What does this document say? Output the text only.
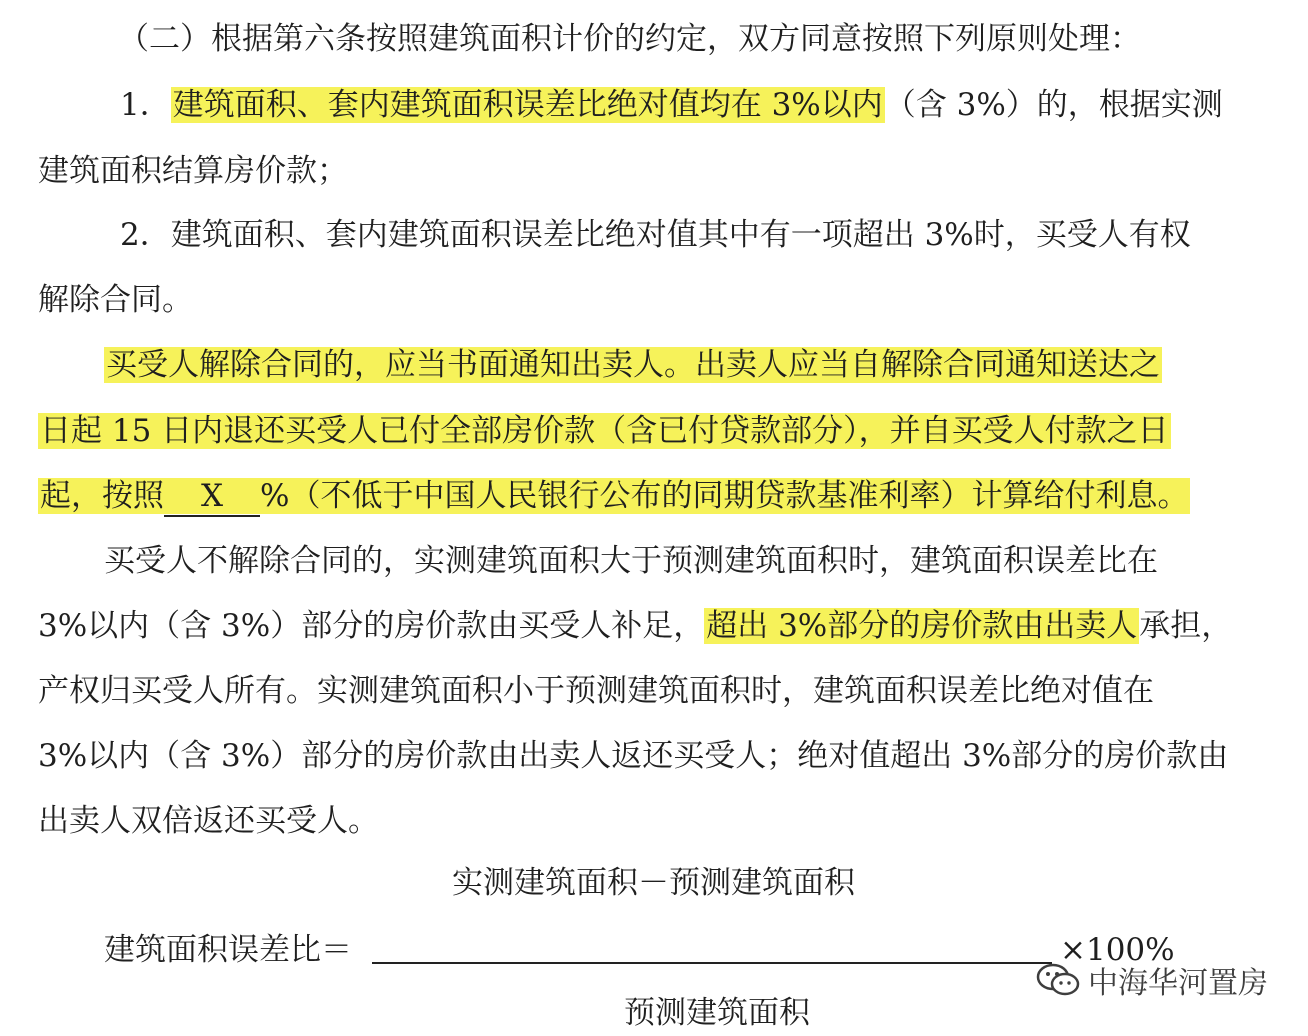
（二）根据第六条按照建筑面积计价的约定，双方同意按照下列原则处理：
1．建筑面积、套内建筑面积误差比绝对值均在 3%以内（含 3%）的，根据实测
建筑面积结算房价款；
2．建筑面积、套内建筑面积误差比绝对值其中有一项超出 3%时，买受人有权
解除合同。
买受人解除合同的，应当书面通知出卖人。出卖人应当自解除合同通知送达之
日起 15 日内退还买受人已付全部房价款（含已付贷款部分），并自买受人付款之日
起，按照 X %（不低于中国人民银行公布的同期贷款基准利率）计算给付利息。
买受人不解除合同的，实测建筑面积大于预测建筑面积时，建筑面积误差比在
3%以内（含 3%）部分的房价款由买受人补足，超出 3%部分的房价款由出卖人承担，
产权归买受人所有。实测建筑面积小于预测建筑面积时，建筑面积误差比绝对值在
3%以内（含 3%）部分的房价款由出卖人返还买受人；绝对值超出 3%部分的房价款由
出卖人双倍返还买受人。
实测建筑面积－预测建筑面积
建筑面积误差比＝	×100%
预测建筑面积
中海华河置房
